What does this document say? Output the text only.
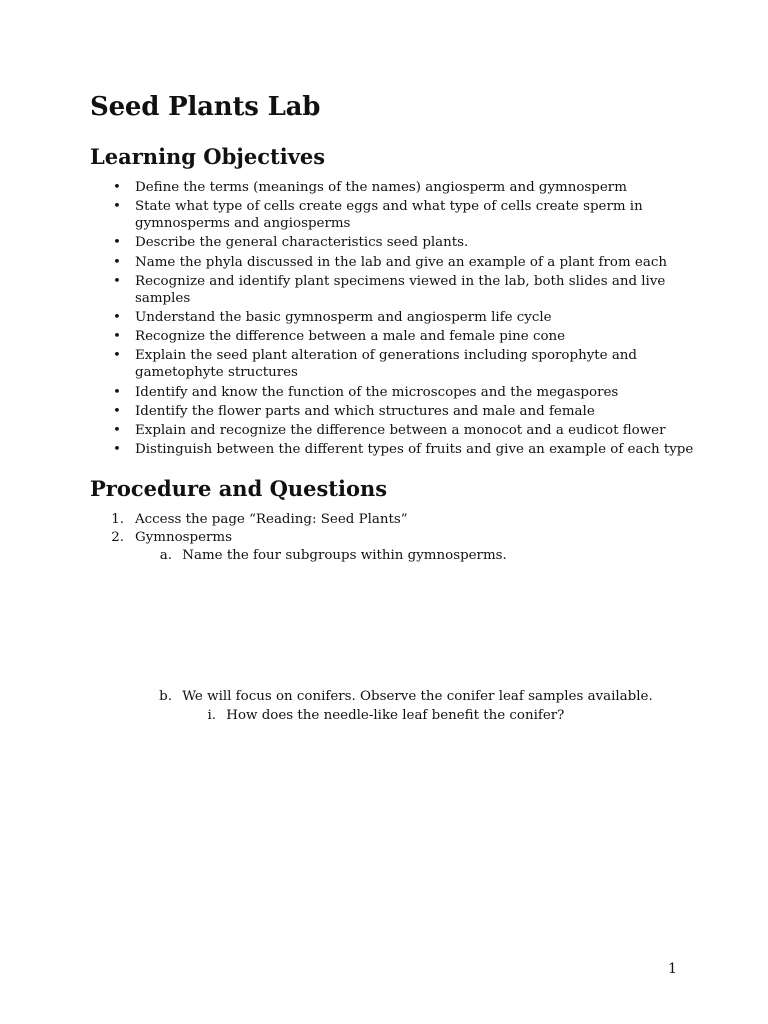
Seed Plants Lab
Learning Objectives
• Define the terms (meanings of the names) angiosperm and gymnosperm
• State what type of cells create eggs and what type of cells create sperm in gymnosperms and angiosperms
• Describe the general characteristics seed plants.
• Name the phyla discussed in the lab and give an example of a plant from each
• Recognize and identify plant specimens viewed in the lab, both slides and live samples
• Understand the basic gymnosperm and angiosperm life cycle
• Recognize the difference between a male and female pine cone
• Explain the seed plant alteration of generations including sporophyte and gametophyte structures
• Identify and know the function of the microscopes and the megaspores
• Identify the flower parts and which structures and male and female
• Explain and recognize the difference between a monocot and a eudicot flower
• Distinguish between the different types of fruits and give an example of each type
Procedure and Questions
1. Access the page “Reading: Seed Plants”
2. Gymnosperms
a. Name the four subgroups within gymnosperms.
b. We will focus on conifers. Observe the conifer leaf samples available.
i. How does the needle-like leaf benefit the conifer?
1
